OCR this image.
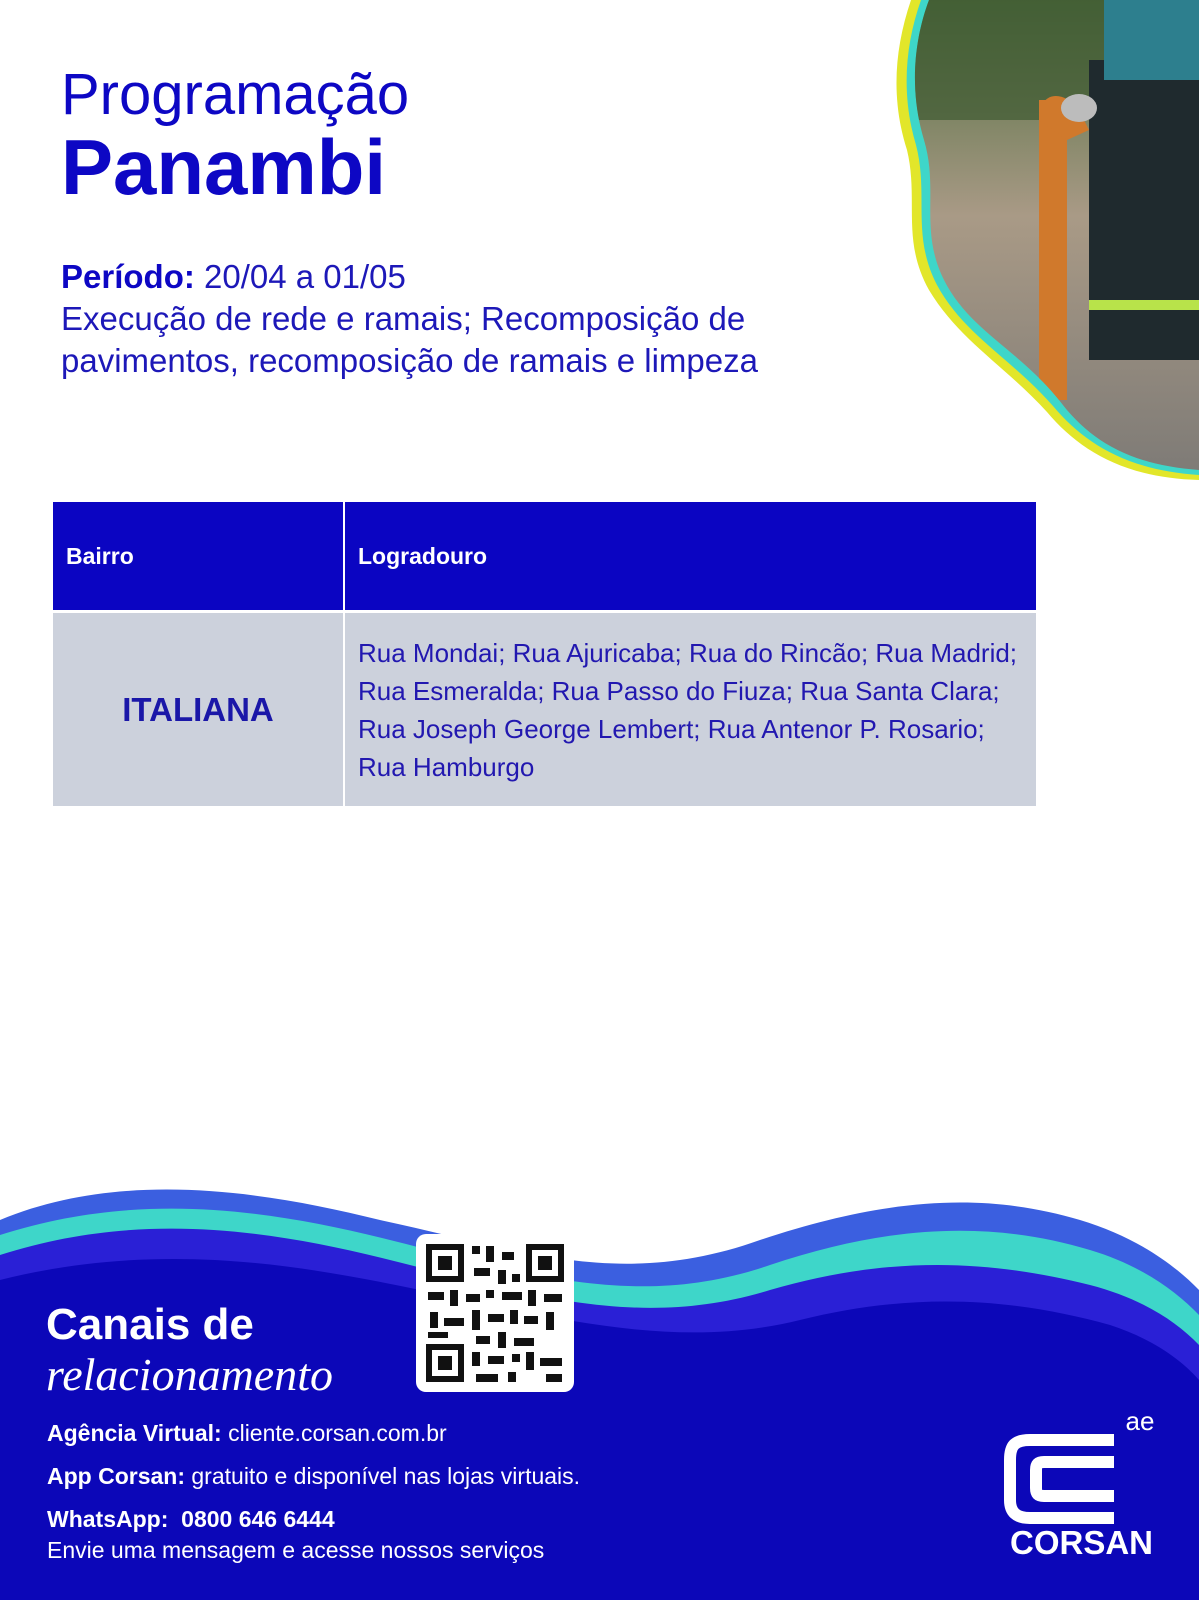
Programação
Panambi
Período: 20/04 a 01/05
Execução de rede e ramais; Recomposição de pavimentos, recomposição de ramais e limpeza
Bairro	Logradouro
ITALIANA	Rua Mondai; Rua Ajuricaba; Rua do Rincão; Rua Madrid; Rua Esmeralda; Rua Passo do Fiuza; Rua Santa Clara; Rua Joseph George Lembert; Rua Antenor P. Rosario; Rua Hamburgo
Canais de
relacionamento
Agência Virtual: cliente.corsan.com.br
App Corsan: gratuito e disponível nas lojas virtuais.
WhatsApp:  0800 646 6444
Envie uma mensagem e acesse nossos serviços
ae
CORSAN
